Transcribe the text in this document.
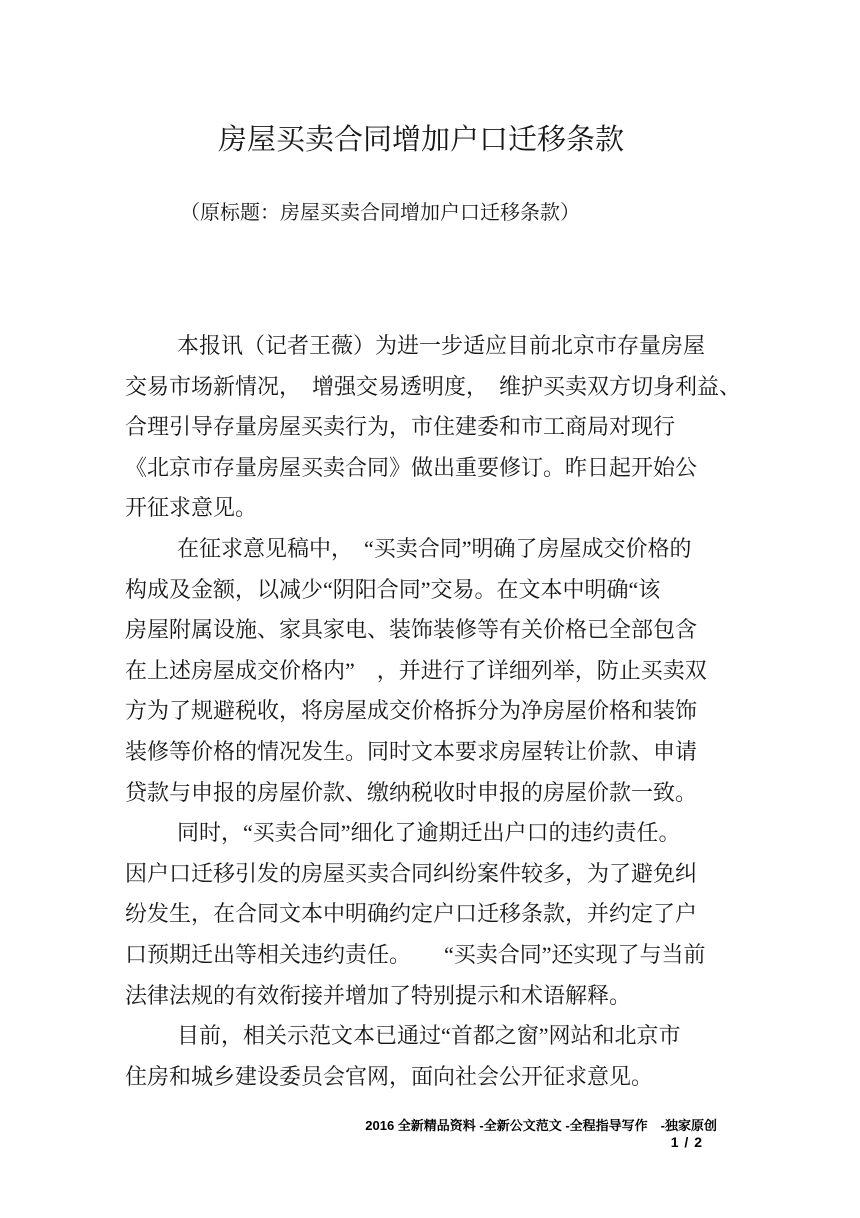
房屋买卖合同增加户口迁移条款
（原标题：房屋买卖合同增加户口迁移条款）

本报讯（记者王薇）为进一步适应目前北京市存量房屋
交易市场新情况，　增强交易透明度，　维护买卖双方切身利益、
合理引导存量房屋买卖行为，市住建委和市工商局对现行
《北京市存量房屋买卖合同》做出重要修订。昨日起开始公
开征求意见。

在征求意见稿中，　“买卖合同”明确了房屋成交价格的
构成及金额，以减少“阴阳合同”交易。在文本中明确“该
房屋附属设施、家具家电、装饰装修等有关价格已全部包含
在上述房屋成交价格内”　，并进行了详细列举，防止买卖双
方为了规避税收，将房屋成交价格拆分为净房屋价格和装饰
装修等价格的情况发生。同时文本要求房屋转让价款、申请
贷款与申报的房屋价款、缴纳税收时申报的房屋价款一致。

同时，“买卖合同”细化了逾期迁出户口的违约责任。
因户口迁移引发的房屋买卖合同纠纷案件较多，为了避免纠
纷发生，在合同文本中明确约定户口迁移条款，并约定了户
口预期迁出等相关违约责任。　　“买卖合同”还实现了与当前
法律法规的有效衔接并增加了特别提示和术语解释。

目前，相关示范文本已通过“首都之窗”网站和北京市
住房和城乡建设委员会官网，面向社会公开征求意见。

2016 全新精品资料 -全新公文范文 -全程指导写作　-独家原创
1 / 2
